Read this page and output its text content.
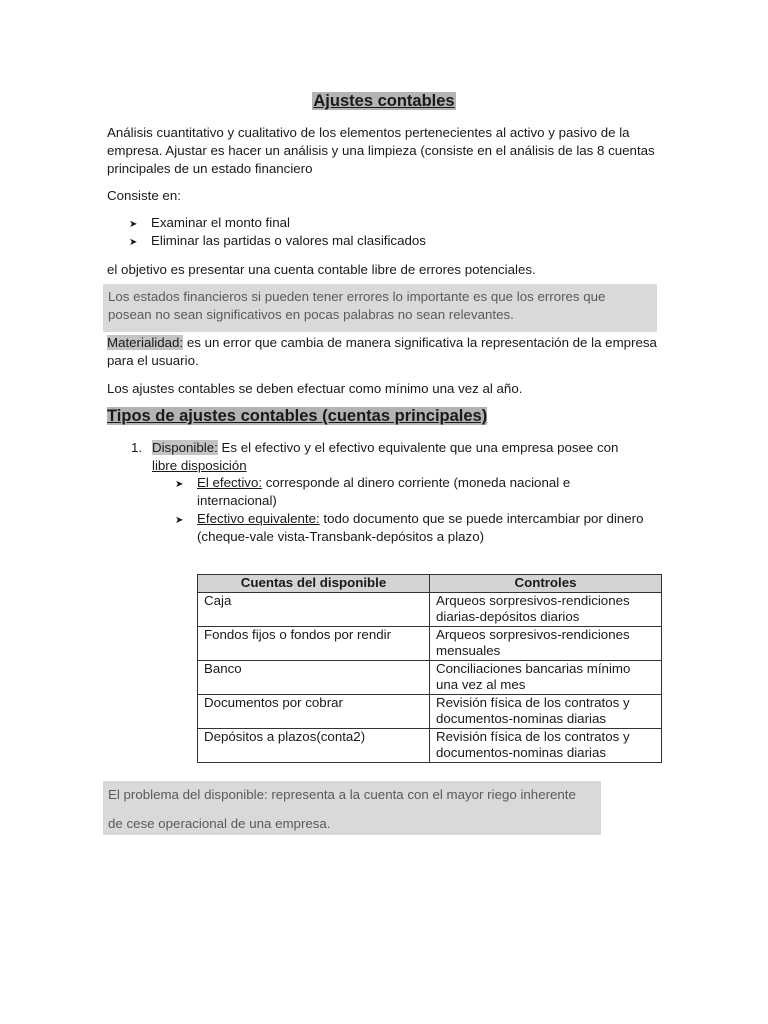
Ajustes contables

Análisis cuantitativo y cualitativo de los elementos pertenecientes al activo y pasivo de la empresa. Ajustar es hacer un análisis y una limpieza (consiste en el análisis de las 8 cuentas principales de un estado financiero

Consiste en:

➤ Examinar el monto final
➤ Eliminar las partidas o valores mal clasificados

el objetivo es presentar una cuenta contable libre de errores potenciales.

Los estados financieros si pueden tener errores lo importante es que los errores que posean no sean significativos en pocas palabras no sean relevantes.

Materialidad: es un error que cambia de manera significativa la representación de la empresa para el usuario.

Los ajustes contables se deben efectuar como mínimo una vez al año.

Tipos de ajustes contables (cuentas principales)
1. Disponible: Es el efectivo y el efectivo equivalente que una empresa posee con
libre disposición
➤ El efectivo: corresponde al dinero corriente (moneda nacional e
internacional)
➤ Efectivo equivalente: todo documento que se puede intercambiar por dinero
(cheque-vale vista-Transbank-depósitos a plazo)
Cuentas del disponible	Controles
Caja	Arqueos sorpresivos-rendiciones diarias-depósitos diarios
Fondos fijos o fondos por rendir	Arqueos sorpresivos-rendiciones mensuales
Banco	Conciliaciones bancarias mínimo una vez al mes
Documentos por cobrar	Revisión física de los contratos y documentos-nominas diarias
Depósitos a plazos(conta2)	Revisión física de los contratos y documentos-nominas diarias

El problema del disponible: representa a la cuenta con el mayor riego inherente

de cese operacional de una empresa.
